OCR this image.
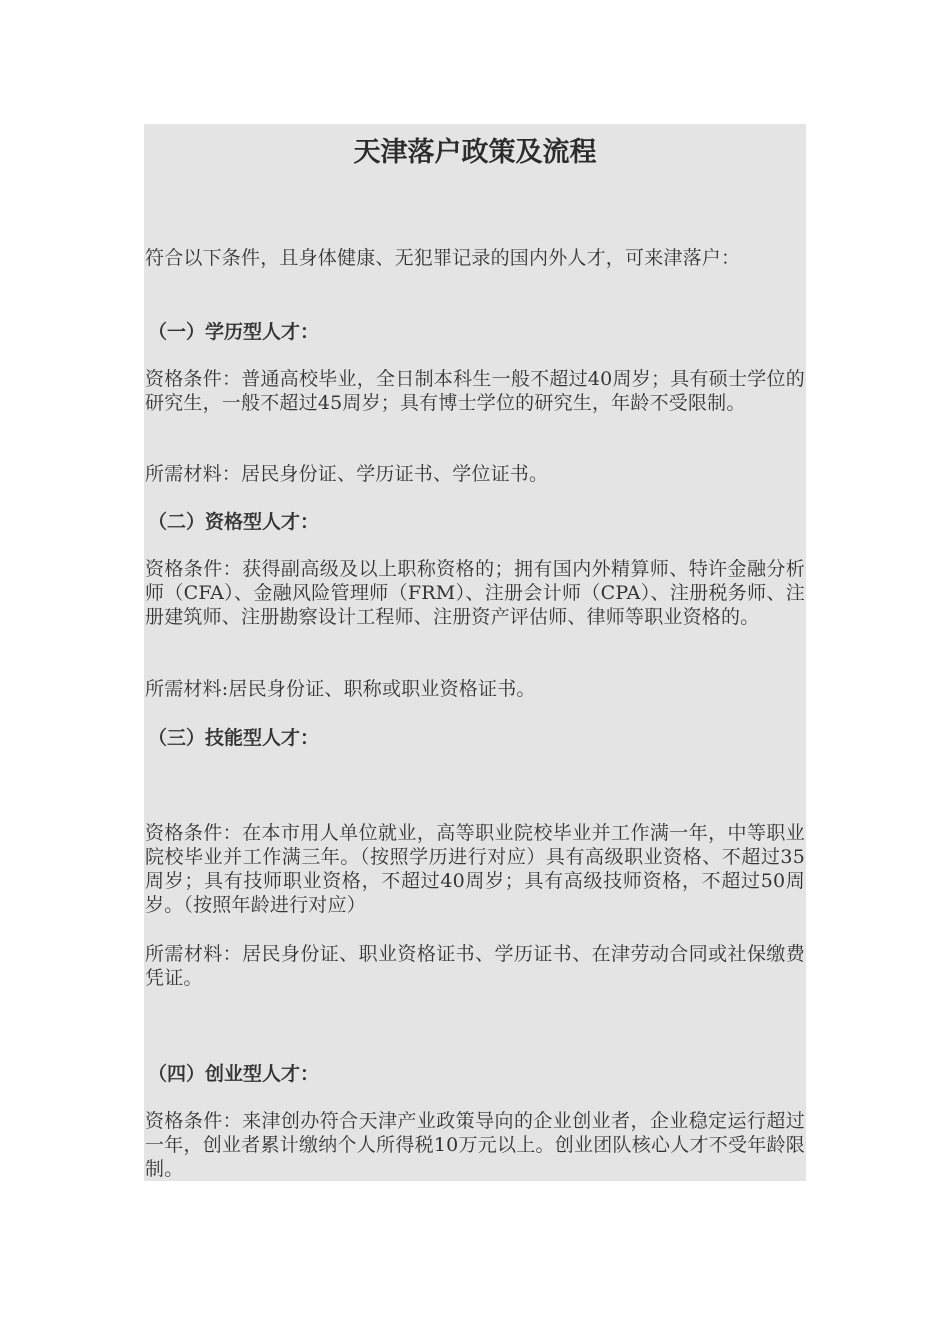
天津落户政策及流程

符合以下条件，且身体健康、无犯罪记录的国内外人才，可来津落户：

（一）学历型人才：

资格条件：普通高校毕业，全日制本科生一般不超过40周岁；具有硕士学位的研究生，一般不超过45周岁；具有博士学位的研究生，年龄不受限制。

所需材料：居民身份证、学历证书、学位证书。

（二）资格型人才：

资格条件：获得副高级及以上职称资格的；拥有国内外精算师、特许金融分析师（CFA）、金融风险管理师（FRM）、注册会计师（CPA）、注册税务师、注册建筑师、注册勘察设计工程师、注册资产评估师、律师等职业资格的。

所需材料:居民身份证、职称或职业资格证书。

（三）技能型人才：

资格条件：在本市用人单位就业，高等职业院校毕业并工作满一年，中等职业院校毕业并工作满三年。（按照学历进行对应）具有高级职业资格、不超过35周岁；具有技师职业资格，不超过40周岁；具有高级技师资格，不超过50周岁。（按照年龄进行对应）

所需材料：居民身份证、职业资格证书、学历证书、在津劳动合同或社保缴费凭证。

（四）创业型人才：

资格条件：来津创办符合天津产业政策导向的企业创业者，企业稳定运行超过一年，创业者累计缴纳个人所得税10万元以上。创业团队核心人才不受年龄限制。
